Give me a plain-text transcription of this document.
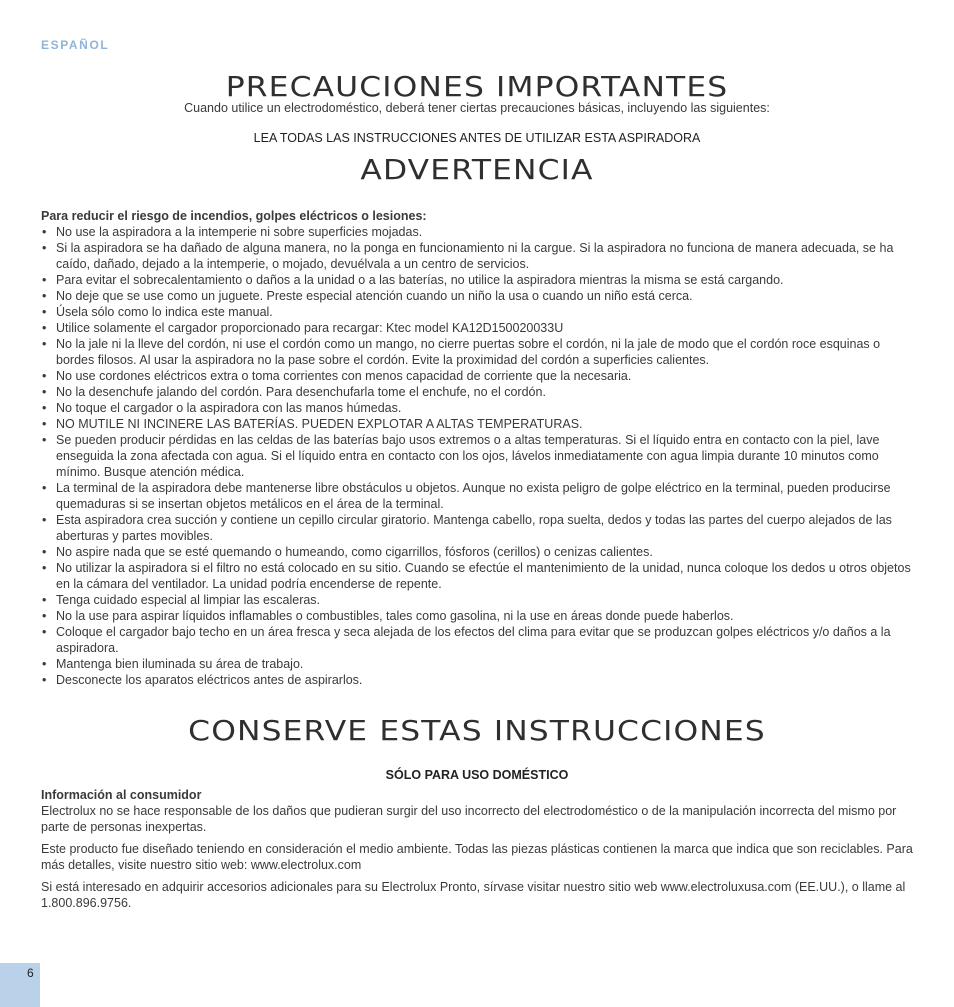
ESPAÑOL

PRECAUCIONES IMPORTANTES

Cuando utilice un electrodoméstico, deberá tener ciertas precauciones básicas, incluyendo las siguientes:

LEA TODAS LAS INSTRUCCIONES ANTES DE UTILIZAR ESTA ASPIRADORA

ADVERTENCIA

Para reducir el riesgo de incendios, golpes eléctricos o lesiones:

• No use la aspiradora a la intemperie ni sobre superficies mojadas.
• Si la aspiradora se ha dañado de alguna manera, no la ponga en funcionamiento ni la cargue. Si la aspiradora no funciona de manera adecuada, se ha caído, dañado, dejado a la intemperie, o mojado, devuélvala a un centro de servicios.
• Para evitar el sobrecalentamiento o daños a la unidad o a las baterías, no utilice la aspiradora mientras la misma se está cargando.
• No deje que se use como un juguete. Preste especial atención cuando un niño la usa o cuando un niño está cerca.
• Úsela sólo como lo indica este manual.
• Utilice solamente el cargador proporcionado para recargar: Ktec model KA12D150020033U
• No la jale ni la lleve del cordón, ni use el cordón como un mango, no cierre puertas sobre el cordón, ni la jale de modo que el cordón roce esquinas o bordes filosos. Al usar la aspiradora no la pase sobre el cordón. Evite la proximidad del cordón a superficies calientes.
• No use cordones eléctricos extra o toma corrientes con menos capacidad de corriente que la necesaria.
• No la desenchufe jalando del cordón. Para desenchufarla tome el enchufe, no el cordón.
• No toque el cargador o la aspiradora con las manos húmedas.
• NO MUTILE NI INCINERE LAS BATERÍAS. PUEDEN EXPLOTAR A ALTAS TEMPERATURAS.
• Se pueden producir pérdidas en las celdas de las baterías bajo usos extremos o a altas temperaturas. Si el líquido entra en contacto con la piel, lave enseguida la zona afectada con agua. Si el líquido entra en contacto con los ojos, lávelos inmediatamente con agua limpia durante 10 minutos como mínimo. Busque atención médica.
• La terminal de la aspiradora debe mantenerse libre obstáculos u objetos. Aunque no exista peligro de golpe eléctrico en la terminal, pueden producirse quemaduras si se insertan objetos metálicos en el área de la terminal.
• Esta aspiradora crea succión y contiene un cepillo circular giratorio. Mantenga cabello, ropa suelta, dedos y todas las partes del cuerpo alejados de las aberturas y partes movibles.
• No aspire nada que se esté quemando o humeando, como cigarrillos, fósforos (cerillos) o cenizas calientes.
• No utilizar la aspiradora si el filtro no está colocado en su sitio. Cuando se efectúe el mantenimiento de la unidad, nunca coloque los dedos u otros objetos en la cámara del ventilador. La unidad podría encenderse de repente.
• Tenga cuidado especial al limpiar las escaleras.
• No la use para aspirar líquidos inflamables o combustibles, tales como gasolina, ni la use en áreas donde puede haberlos.
• Coloque el cargador bajo techo en un área fresca y seca alejada de los efectos del clima para evitar que se produzcan golpes eléctricos y/o daños a la aspiradora.
• Mantenga bien iluminada su área de trabajo.
• Desconecte los aparatos eléctricos antes de aspirarlos.
CONSERVE ESTAS INSTRUCCIONES

SÓLO PARA USO DOMÉSTICO

Información al consumidor

Electrolux no se hace responsable de los daños que pudieran surgir del uso incorrecto del electrodoméstico o de la manipulación incorrecta del mismo por parte de personas inexpertas.

Este producto fue diseñado teniendo en consideración el medio ambiente. Todas las piezas plásticas contienen la marca que indica que son reciclables. Para más detalles, visite nuestro sitio web: www.electrolux.com

Si está interesado en adquirir accesorios adicionales para su Electrolux Pronto, sírvase visitar nuestro sitio web www.electroluxusa.com (EE.UU.), o llame al 1.800.896.9756.

6
